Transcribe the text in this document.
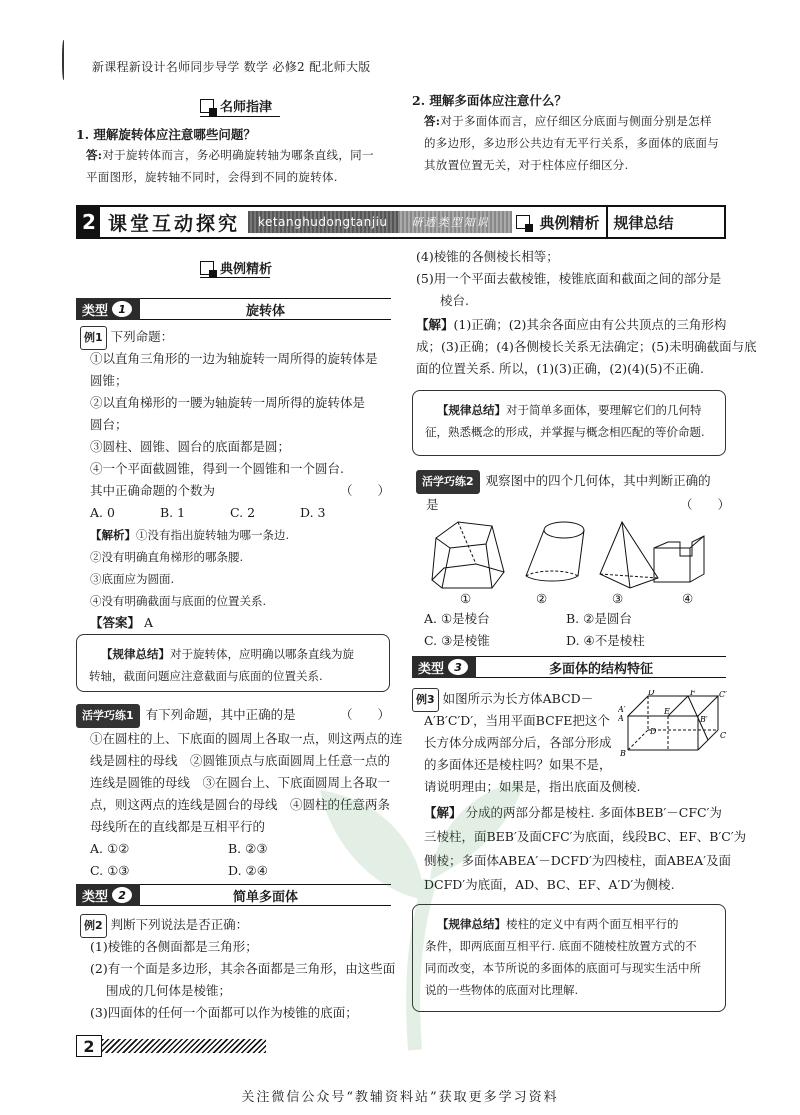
新课程新设计名师同步导学 数学 必修2 配北师大版
名师指津
1. 理解旋转体应注意哪些问题？
答:对于旋转体而言，务必明确旋转轴为哪条直线，同一
平面图形，旋转轴不同时，会得到不同的旋转体.
2. 理解多面体应注意什么？
答:对于多面体而言，应仔细区分底面与侧面分别是怎样
的多边形，多边形公共边有无平行关系，多面体的底面与
其放置位置无关，对于柱体应仔细区分.
2 课堂互动探究	ketanghudongtanjiu	研透类型知识	典例精析 规律总结
典例精析
类型 1	旋转体
例1 下列命题：
①以直角三角形的一边为轴旋转一周所得的旋转体是
圆锥；
②以直角梯形的一腰为轴旋转一周所得的旋转体是
圆台；
③圆柱、圆锥、圆台的底面都是圆；
④一个平面截圆锥，得到一个圆锥和一个圆台.
其中正确命题的个数为	（　　）
A. 0	B. 1	C. 2	D. 3
【解析】①没有指出旋转轴为哪一条边.
②没有明确直角梯形的哪条腰.
③底面应为圆面.
④没有明确截面与底面的位置关系.
【答案】 A
【规律总结】对于旋转体，应明确以哪条直线为旋
转轴，截面问题应注意截面与底面的位置关系.
活学巧练1 有下列命题，其中正确的是	（　　）
①在圆柱的上、下底面的圆周上各取一点，则这两点的连
线是圆柱的母线　②圆锥顶点与底面圆周上任意一点的
连线是圆锥的母线　③在圆台上、下底面圆周上各取一
点，则这两点的连线是圆台的母线　④圆柱的任意两条
母线所在的直线都是互相平行的
A. ①②	B. ②③
C. ①③	D. ②④
类型 2	简单多面体
例2 判断下列说法是否正确：
(1)棱锥的各侧面都是三角形；
(2)有一个面是多边形，其余各面都是三角形，由这些面
围成的几何体是棱锥；
(3)四面体的任何一个面都可以作为棱锥的底面；
(4)棱锥的各侧棱长相等；
(5)用一个平面去截棱锥，棱锥底面和截面之间的部分是
棱台.
【解】(1)正确；(2)其余各面应由有公共顶点的三角形构
成；(3)正确；(4)各侧棱长关系无法确定；(5)未明确截面与底
面的位置关系. 所以，(1)(3)正确，(2)(4)(5)不正确.
【规律总结】对于简单多面体，要理解它们的几何特
征，熟悉概念的形成，并掌握与概念相匹配的等价命题.
活学巧练2 观察图中的四个几何体，其中判断正确的
是	（　　）
①	②	③	④
A. ①是棱台	B. ②是圆台
C. ③是棱锥	D. ④不是棱柱
类型 3	多面体的结构特征
例3 如图所示为长方体ABCD－
A′B′C′D′，当用平面BCFE把这个
长方体分成两部分后，各部分形成
的多面体还是棱柱吗？如果不是，
请说明理由；如果是，指出底面及侧棱.
A
B
C
D
A′
B′
C′
D′
E
F
【解】 分成的两部分都是棱柱. 多面体BEB′－CFC′为
三棱柱，面BEB′及面CFC′为底面，线段BC、EF、B′C′为
侧棱；多面体ABEA′－DCFD′为四棱柱，面ABEA′及面
DCFD′为底面，AD、BC、EF、A′D′为侧棱.
【规律总结】棱柱的定义中有两个面互相平行的
条件，即两底面互相平行. 底面不随棱柱放置方式的不
同而改变，本节所说的多面体的底面可与现实生活中所
说的一些物体的底面对比理解.
2
关注微信公众号“教辅资料站”获取更多学习资料
